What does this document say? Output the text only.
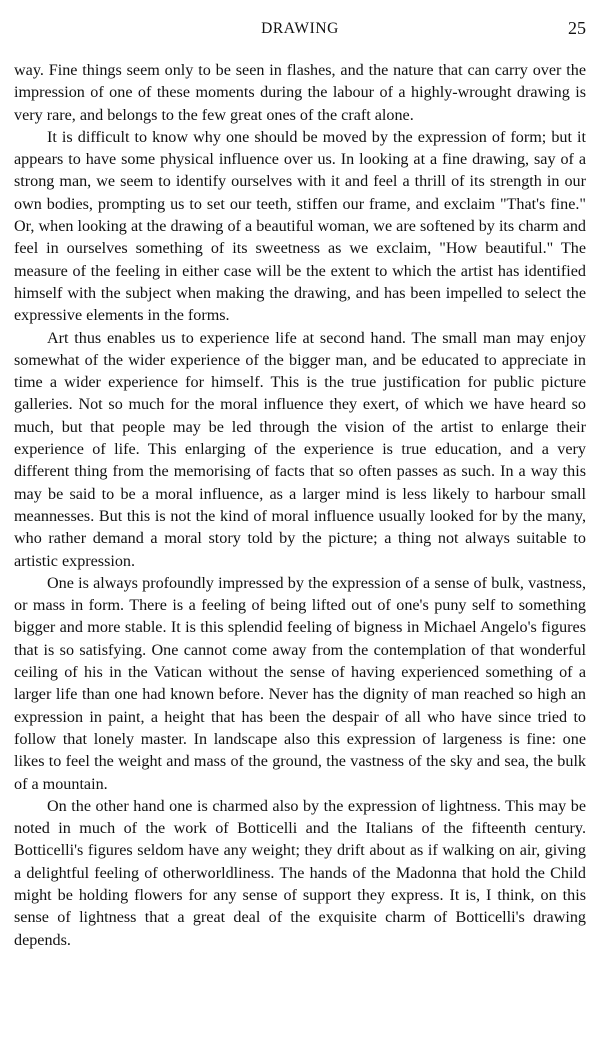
DRAWING	25

way. Fine things seem only to be seen in flashes, and the nature that can carry over the impression of one of these moments during the labour of a highly-wrought drawing is very rare, and belongs to the few great ones of the craft alone.

It is difficult to know why one should be moved by the expression of form; but it appears to have some physical influence over us. In looking at a fine drawing, say of a strong man, we seem to identify ourselves with it and feel a thrill of its strength in our own bodies, prompting us to set our teeth, stiffen our frame, and exclaim "That's fine." Or, when looking at the drawing of a beautiful woman, we are softened by its charm and feel in ourselves something of its sweetness as we exclaim, "How beautiful." The measure of the feeling in either case will be the extent to which the artist has identified himself with the subject when making the drawing, and has been impelled to select the expressive elements in the forms.

Art thus enables us to experience life at second hand. The small man may enjoy somewhat of the wider experience of the bigger man, and be educated to appreciate in time a wider experience for himself. This is the true justification for public picture galleries. Not so much for the moral influence they exert, of which we have heard so much, but that people may be led through the vision of the artist to enlarge their experience of life. This enlarging of the experience is true education, and a very different thing from the memorising of facts that so often passes as such. In a way this may be said to be a moral influence, as a larger mind is less likely to harbour small meannesses. But this is not the kind of moral influence usually looked for by the many, who rather demand a moral story told by the picture; a thing not always suitable to artistic expression.

One is always profoundly impressed by the expression of a sense of bulk, vastness, or mass in form. There is a feeling of being lifted out of one's puny self to something bigger and more stable. It is this splendid feeling of bigness in Michael Angelo's figures that is so satisfying. One cannot come away from the contemplation of that wonderful ceiling of his in the Vatican without the sense of having experienced something of a larger life than one had known before. Never has the dignity of man reached so high an expression in paint, a height that has been the despair of all who have since tried to follow that lonely master. In landscape also this expression of largeness is fine: one likes to feel the weight and mass of the ground, the vastness of the sky and sea, the bulk of a mountain.

On the other hand one is charmed also by the expression of lightness. This may be noted in much of the work of Botticelli and the Italians of the fifteenth century. Botticelli's figures seldom have any weight; they drift about as if walking on air, giving a delightful feeling of otherworldliness. The hands of the Madonna that hold the Child might be holding flowers for any sense of support they express. It is, I think, on this sense of lightness that a great deal of the exquisite charm of Botticelli's drawing depends.
